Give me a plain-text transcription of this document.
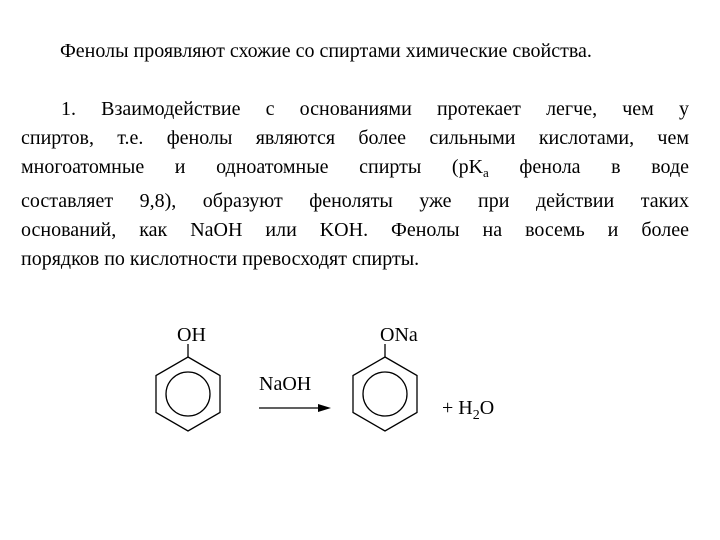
Фенолы проявляют схожие со спиртами химические свойства.
1. Взаимодействие с основаниями протекает легче, чем у
спиртов, т.е. фенолы являются более сильными кислотами, чем
многоатомные и одноатомные спирты ($pK_a$ фенола в воде
составляет 9,8), образуют феноляты уже при действии таких
оснований, как NaOH или KOH. Фенолы на восемь и более
порядков по кислотности превосходят спирты.
OH
NaOH
ONa
+ $H_2O$
